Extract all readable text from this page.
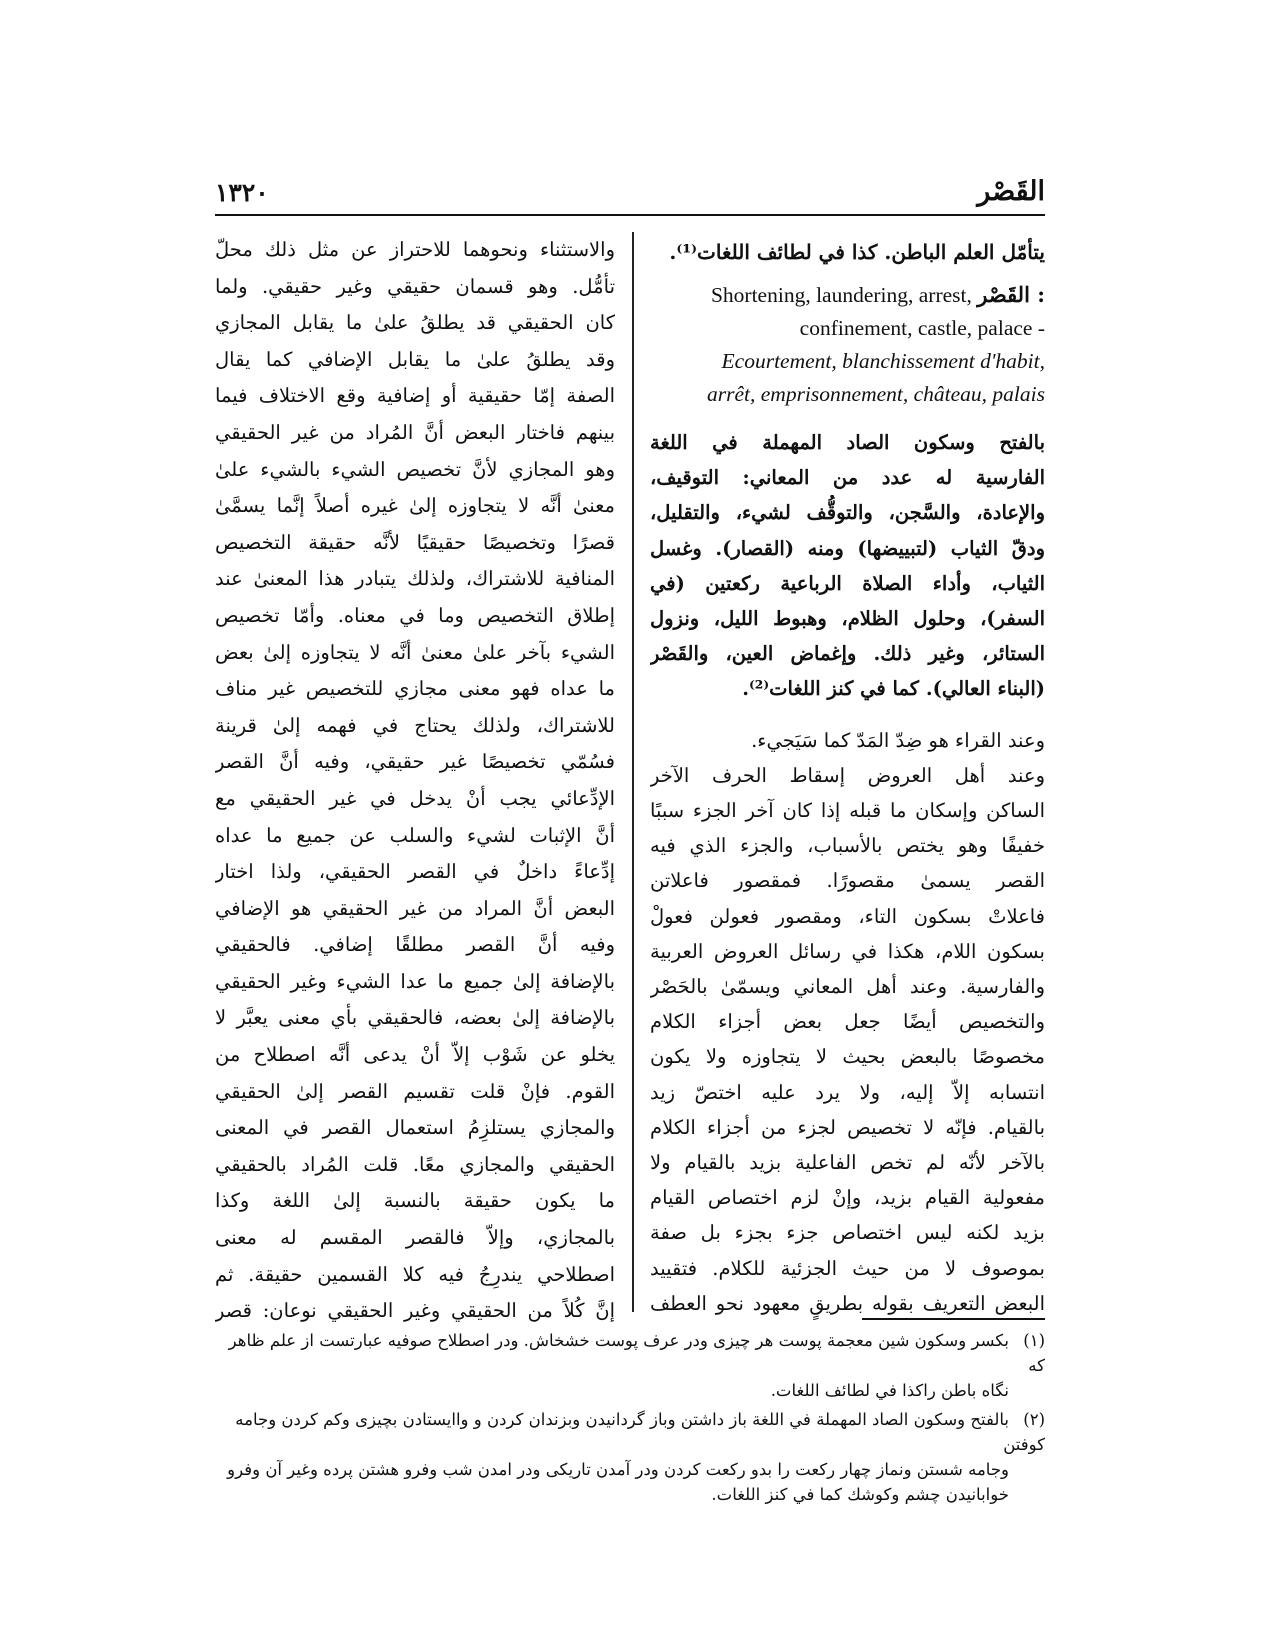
القَصْر
١٣٢٠
يتأمّل العلم الباطن. كذا في لطائف اللغات⁽¹⁾.
Shortening, laundering, arrest, القَصْر :
confinement, castle, palace -
Ecourtement, blanchissement d'habit,
arrêt, emprisonnement, château, palais
بالفتح وسكون الصاد المهملة في اللغة
الفارسية له عدد من المعاني: التوقيف،
والإعادة، والسَّجن، والتوقُّف لشيء، والتقليل،
ودقّ الثياب (لتبييضها) ومنه (القصار). وغسل
الثياب، وأداء الصلاة الرباعية ركعتين (في
السفر)، وحلول الظلام، وهبوط الليل، ونزول
الستائر، وغير ذلك. وإغماض العين، والقَصْر
(البناء العالي). كما في كنز اللغات⁽²⁾.
وعند القراء هو ضِدّ المَدّ كما سَيَجيء.
وعند أهل العروض إسقاط الحرف الآخر
الساكن وإسكان ما قبله إذا كان آخر الجزء سببًا
خفيفًا وهو يختص بالأسباب، والجزء الذي فيه
القصر يسمىٰ مقصورًا. فمقصور فاعلاتن
فاعلاتْ بسكون التاء، ومقصور فعولن فعولْ
بسكون اللام، هكذا في رسائل العروض العربية
والفارسية. وعند أهل المعاني ويسمّىٰ بالحَصْر
والتخصيص أيضًا جعل بعض أجزاء الكلام
مخصوصًا بالبعض بحيث لا يتجاوزه ولا يكون
انتسابه إلاّ إليه، ولا يرد عليه اختصّ زيد
بالقيام. فإنّه لا تخصيص لجزء من أجزاء الكلام
بالآخر لأنّه لم تخص الفاعلية بزيد بالقيام ولا
مفعولية القيام بزيد، وإنْ لزم اختصاص القيام
بزيد لكنه ليس اختصاص جزء بجزء بل صفة
بموصوف لا من حيث الجزئية للكلام. فتقييد
البعض التعريف بقوله بطريقٍ معهود نحو العطف
والاستثناء ونحوهما للاحتراز عن مثل ذلك محلّ
تأمُّل. وهو قسمان حقيقي وغير حقيقي. ولما
كان الحقيقي قد يطلقُ علىٰ ما يقابل المجازي
وقد يطلقُ علىٰ ما يقابل الإضافي كما يقال
الصفة إمّا حقيقية أو إضافية وقع الاختلاف فيما
بينهم فاختار البعض أنَّ المُراد من غير الحقيقي
وهو المجازي لأنَّ تخصيص الشيء بالشيء علىٰ
معنىٰ أنَّه لا يتجاوزه إلىٰ غيره أصلاً إنَّما يسمَّىٰ
قصرًا وتخصيصًا حقيقيًا لأنَّه حقيقة التخصيص
المنافية للاشتراك، ولذلك يتبادر هذا المعنىٰ عند
إطلاق التخصيص وما في معناه. وأمّا تخصيص
الشيء بآخر علىٰ معنىٰ أنَّه لا يتجاوزه إلىٰ بعض
ما عداه فهو معنى مجازي للتخصيص غير مناف
للاشتراك، ولذلك يحتاج في فهمه إلىٰ قرينة
فسُمّي تخصيصًا غير حقيقي، وفيه أنَّ القصر
الإدِّعائي يجب أنْ يدخل في غير الحقيقي مع
أنَّ الإثبات لشيء والسلب عن جميع ما عداه
إدِّعاءً داخلٌ في القصر الحقيقي، ولذا اختار
البعض أنَّ المراد من غير الحقيقي هو الإضافي
وفيه أنَّ القصر مطلقًا إضافي. فالحقيقي
بالإضافة إلىٰ جميع ما عدا الشيء وغير الحقيقي
بالإضافة إلىٰ بعضه، فالحقيقي بأي معنى يعبَّر لا
يخلو عن شَوْب إلاّ أنْ يدعى أنَّه اصطلاح من
القوم. فإنْ قلت تقسيم القصر إلىٰ الحقيقي
والمجازي يستلزِمُ استعمال القصر في المعنى
الحقيقي والمجازي معًا. قلت المُراد بالحقيقي
ما يكون حقيقة بالنسبة إلىٰ اللغة وكذا
بالمجازي، وإلاّ فالقصر المقسم له معنى
اصطلاحي يندرِجُ فيه كلا القسمين حقيقة. ثم
إنَّ كُلاً من الحقيقي وغير الحقيقي نوعان: قصر
(١)بكسر وسكون شين معجمة پوست هر چيزى ودر عرف پوست خشخاش. ودر اصطلاح صوفيه عبارتست از علم ظاهر كه
نگاه باطن راكذا في لطائف اللغات.
(٢)بالفتح وسكون الصاد المهملة في اللغة باز داشتن وباز گردانيدن وبزندان كردن و واايستادن بچيزى وكم كردن وجامه كوفتن
وجامه شستن ونماز چهار ركعت را بدو ركعت كردن ودر آمدن تاريكى ودر امدن شب وفرو هشتن پرده وغير آن وفرو
خوابانيدن چشم وكوشك كما في كنز اللغات.
